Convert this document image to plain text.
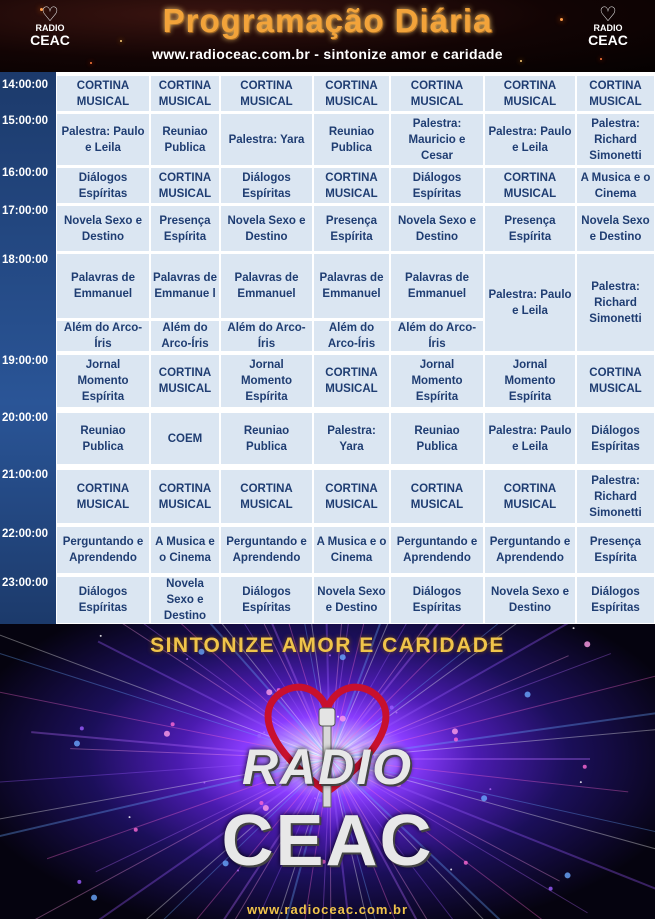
♡
RADIO
CEAC
♡
RADIO
CEAC
Programação Diária
www.radioceac.com.br - sintonize amor e caridade
14:00:00
15:00:00
16:00:00
17:00:00
18:00:00
19:00:00
20:00:00
21:00:00
22:00:00
23:00:00
CORTINA MUSICAL
CORTINA MUSICAL
CORTINA MUSICAL
CORTINA MUSICAL
CORTINA MUSICAL
CORTINA MUSICAL
CORTINA MUSICAL
Palestra: Paulo e Leila
Reuniao Publica
Palestra: Yara
Reuniao Publica
Palestra: Mauricio e Cesar
Palestra: Paulo e Leila
Palestra: Richard Simonetti
Diálogos Espíritas
CORTINA MUSICAL
Diálogos Espíritas
CORTINA MUSICAL
Diálogos Espíritas
CORTINA MUSICAL
A Musica e o Cinema
Novela Sexo e Destino
Presença Espírita
Novela Sexo e Destino
Presença Espírita
Novela Sexo e Destino
Presença Espírita
Novela Sexo e Destino
Palavras de Emmanuel
Palavras de Emmanue l
Palavras de Emmanuel
Palavras de Emmanuel
Palavras de Emmanuel	Palestra: Paulo e Leila
Palestra: Richard Simonetti
Além do Arco-Íris
Além do Arco-Íris
Além do Arco-Íris
Além do Arco-Íris
Além do Arco-Íris
Jornal Momento Espírita
CORTINA MUSICAL
Jornal Momento Espírita
CORTINA MUSICAL
Jornal Momento Espírita
Jornal Momento Espírita
CORTINA MUSICAL
Reuniao Publica
COEM
Reuniao Publica
Palestra: Yara
Reuniao Publica
Palestra: Paulo e Leila
Diálogos Espíritas
CORTINA MUSICAL
CORTINA MUSICAL
CORTINA MUSICAL
CORTINA MUSICAL
CORTINA MUSICAL
CORTINA MUSICAL
Palestra: Richard Simonetti
Perguntando e Aprendendo
A Musica e o Cinema
Perguntando e Aprendendo
A Musica e o Cinema
Perguntando e Aprendendo
Perguntando e Aprendendo
Presença Espírita
Diálogos Espíritas
Novela Sexo e Destino
Diálogos Espíritas
Novela Sexo e Destino
Diálogos Espíritas
Novela Sexo e Destino
Diálogos Espíritas
SINTONIZE AMOR E CARIDADE
RADIO
CEAC
www.radioceac.com.br
